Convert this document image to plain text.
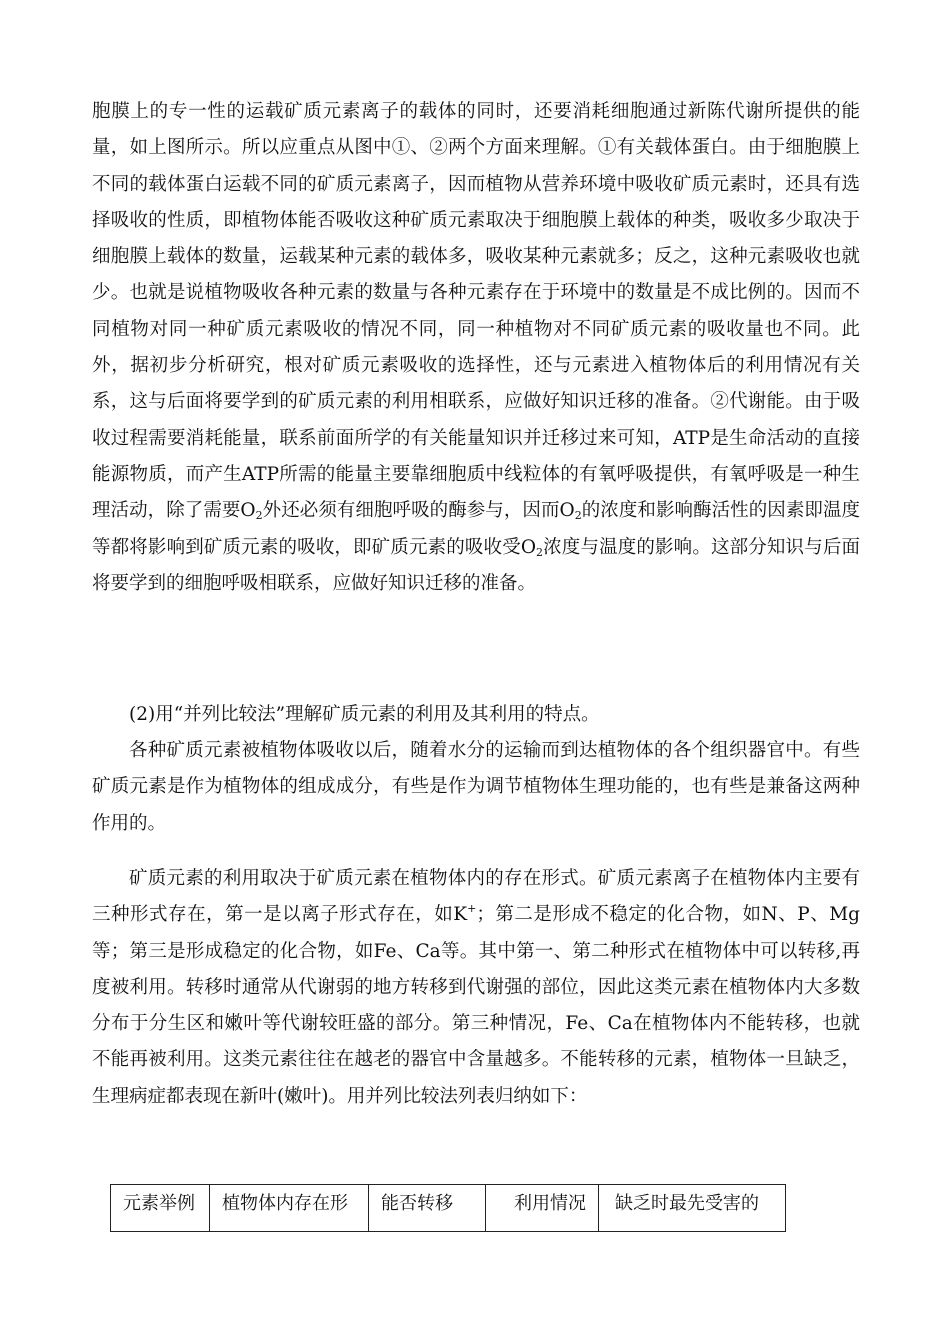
胞膜上的专一性的运载矿质元素离子的载体的同时，还要消耗细胞通过新陈代谢所提供的能量，如上图所示。所以应重点从图中①、②两个方面来理解。①有关载体蛋白。由于细胞膜上不同的载体蛋白运载不同的矿质元素离子，因而植物从营养环境中吸收矿质元素时，还具有选择吸收的性质，即植物体能否吸收这种矿质元素取决于细胞膜上载体的种类，吸收多少取决于细胞膜上载体的数量，运载某种元素的载体多，吸收某种元素就多；反之，这种元素吸收也就少。也就是说植物吸收各种元素的数量与各种元素存在于环境中的数量是不成比例的。因而不同植物对同一种矿质元素吸收的情况不同，同一种植物对不同矿质元素的吸收量也不同。此外，据初步分析研究，根对矿质元素吸收的选择性，还与元素进入植物体后的利用情况有关系，这与后面将要学到的矿质元素的利用相联系，应做好知识迁移的准备。②代谢能。由于吸收过程需要消耗能量，联系前面所学的有关能量知识并迁移过来可知，ATP是生命活动的直接能源物质，而产生ATP所需的能量主要靠细胞质中线粒体的有氧呼吸提供，有氧呼吸是一种生理活动，除了需要$O_2$外还必须有细胞呼吸的酶参与，因而$O_2$的浓度和影响酶活性的因素即温度等都将影响到矿质元素的吸收，即矿质元素的吸收受$O_2$浓度与温度的影响。这部分知识与后面将要学到的细胞呼吸相联系，应做好知识迁移的准备。

(2)用“并列比较法”理解矿质元素的利用及其利用的特点。

各种矿质元素被植物体吸收以后，随着水分的运输而到达植物体的各个组织器官中。有些矿质元素是作为植物体的组成成分，有些是作为调节植物体生理功能的，也有些是兼备这两种作用的。

矿质元素的利用取决于矿质元素在植物体内的存在形式。矿质元素离子在植物体内主要有三种形式存在，第一是以离子形式存在，如K+；第二是形成不稳定的化合物，如N、P、Mg等；第三是形成稳定的化合物，如Fe、Ca等。其中第一、第二种形式在植物体中可以转移,再度被利用。转移时通常从代谢弱的地方转移到代谢强的部位，因此这类元素在植物体内大多数分布于分生区和嫩叶等代谢较旺盛的部分。第三种情况，Fe、Ca在植物体内不能转移，也就不能再被利用。这类元素往往在越老的器官中含量越多。不能转移的元素，植物体一旦缺乏，生理病症都表现在新叶(嫩叶)。用并列比较法列表归纳如下：

元素举例	植物体内存在形	能否转移	利用情况	缺乏时最先受害的
